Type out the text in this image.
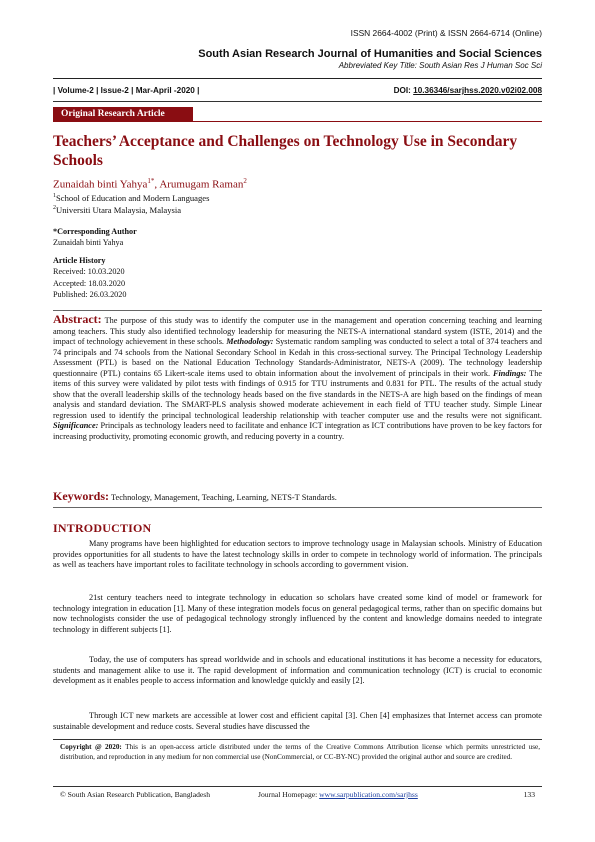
ISSN 2664-4002 (Print) & ISSN 2664-6714 (Online)
South Asian Research Journal of Humanities and Social Sciences
Abbreviated Key Title: South Asian Res J Human Soc Sci
| Volume-2 | Issue-2 | Mar-April -2020 |	DOI: 10.36346/sarjhss.2020.v02i02.008
Original Research Article
Teachers’ Acceptance and Challenges on Technology Use in Secondary Schools
Zunaidah binti Yahya$^{1*}$, Arumugam Raman$^2$
$^1$School of Education and Modern Languages
$^2$Universiti Utara Malaysia, Malaysia
*Corresponding Author
Zunaidah binti Yahya
Article History
Received: 10.03.2020
Accepted: 18.03.2020
Published: 26.03.2020
Abstract: The purpose of this study was to identify the computer use in the management and operation concerning teaching and learning among teachers. This study also identified technology leadership for measuring the NETS-A international standard system (ISTE, 2014) and the impact of technology achievement in these schools. Methodology: Systematic random sampling was conducted to select a total of 374 teachers and 74 principals and 74 schools from the National Secondary School in Kedah in this cross-sectional survey. The Principal Technology Leadership Assessment (PTL) is based on the National Education Technology Standards-Administrator, NETS-A (2009). The technology leadership questionnaire (PTL) contains 65 Likert-scale items used to obtain information about the involvement of principals in their work. Findings: The items of this survey were validated by pilot tests with findings of 0.915 for TTU instruments and 0.831 for PTL. The results of the actual study show that the overall leadership skills of the technology heads based on the five standards in the NETS-A are high based on the findings of mean analysis and standard deviation. The SMART-PLS analysis showed moderate achievement in each field of TTU teacher study. Simple Linear regression used to identify the principal technological leadership relationship with teacher computer use and the results were not significant. Significance: Principals as technology leaders need to facilitate and enhance ICT integration as ICT contributions have proven to be key factors for increasing productivity, promoting economic growth, and reducing poverty in a country.
Keywords: Technology, Management, Teaching, Learning, NETS-T Standards.
INTRODUCTION
Many programs have been highlighted for education sectors to improve technology usage in Malaysian schools. Ministry of Education provides opportunities for all students to have the latest technology skills in order to compete in technology world of information. The principals as well as teachers have important roles to facilitate technology in schools according to government vision.
21st century teachers need to integrate technology in education so scholars have created some kind of model or framework for technology integration in education [1]. Many of these integration models focus on general pedagogical terms, rather than on specific domains but now technologists consider the use of pedagogical technology strongly influenced by the content and knowledge domains needed to integrate technology in different subjects [1].
Today, the use of computers has spread worldwide and in schools and educational institutions it has become a necessity for educators, students and management alike to use it. The rapid development of information and communication technology (ICT) is crucial to economic development as it enables people to access information and knowledge quickly and easily [2].
Through ICT new markets are accessible at lower cost and efficient capital [3]. Chen [4] emphasizes that Internet access can promote sustainable development and reduce costs. Several studies have discussed the
Copyright @ 2020: This is an open-access article distributed under the terms of the Creative Commons Attribution license which permits unrestricted use, distribution, and reproduction in any medium for non commercial use (NonCommercial, or CC-BY-NC) provided the original author and source are credited.
© South Asian Research Publication, Bangladesh	Journal Homepage: www.sarpublication.com/sarjhss	133
